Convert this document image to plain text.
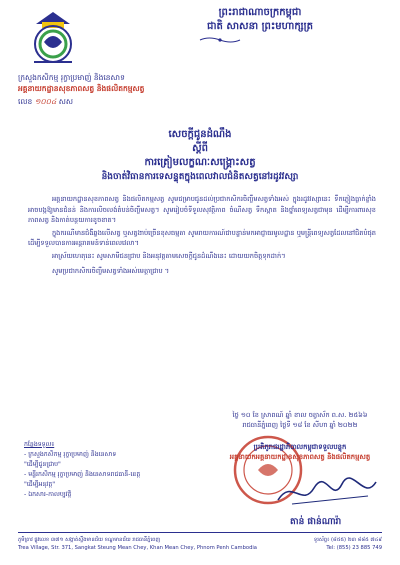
ព្រះរាជាណាចក្រកម្ពុជា
ជាតិ សាសនា ព្រះមហាក្សត្រ
ក្រសួងកសិកម្ម រុក្ខាប្រមាញ់ និងនេសាទ
អគ្គនាយកដ្ឋានសុខភាពសត្វ និងផលិតកម្មសត្វ
លេខ ១០០៤ សស
សេចក្តីជូនដំណឹង
ស្តីពី
ការត្រៀមលក្ខណៈសង្គ្រោះសត្វ
និងចាត់វិធានការទេសន្ទុតក្នុងពេលវាលជំនិតសត្វនៅរដូវវស្សា

អគ្គនាយកដ្ឋានសុខភាពសត្វ និងផលិតកម្មសត្វ សូមជម្រាបជូនដល់ប្រជាកសិករចិញ្ចឹមសត្វទាំងអស់ ក្នុងរដូវវស្សានេះ ទឹកភ្លៀងធ្លាក់ខ្លាំង អាចបង្កឱ្យមានជំនន់ និងការលិចលង់តំបន់ចិញ្ចឹមសត្វ។ សូមរៀបចំទីទួលសុវត្ថិភាព ចំណីសត្វ ទឹកស្អាត និងថ្នាំពេទ្យសត្វជាមុន ដើម្បីការពារសុខភាពសត្វ និងកាត់បន្ថយការខូចខាត។

ក្នុងករណីមានជំងឺឆ្លងលើសត្វ ឬសត្វងាប់ច្រើនខុសធម្មតា សូមរាយការណ៍ជាបន្ទាន់មកអាជ្ញាធរមូលដ្ឋាន ឬមន្ត្រីពេទ្យសត្វដែលនៅជិតបំផុត ដើម្បីទទួលបានការអន្តរាគមន៍ទាន់ពេលវេលា។

អាស្រ័យហេតុនេះ សូមសាមីជនជ្រាប និងអនុវត្តតាមសេចក្តីជូនដំណឹងនេះ ដោយយកចិត្តទុកដាក់។

សូមប្រជាកសិករចិញ្ចឹមសត្វទាំងអស់មេត្តាជ្រាប ។

ថ្ងៃ ១០ ខែ ស្រាពណ៍ ឆ្នាំ ខាល ចត្វាស័ក ព.ស. ២៥៦៦
រាជធានីភ្នំពេញ ថ្ងៃទី ១៨ ខែ សីហា ឆ្នាំ ២០២២
ប្រតិភូរាជរដ្ឋាភិបាលកម្ពុជាទទួលបន្ទុក
អគ្គនាយកអគ្គនាយកដ្ឋានសុខភាពសត្វ និងផលិតកម្មសត្វ
តាន់ ផាន់ណារ៉ា
កន្លែងទទួល៖
- ក្រសួងកសិកម្ម រុក្ខាប្រមាញ់ និងនេសាទ
"ដើម្បីជូនជ្រាប"
- មន្ទីរកសិកម្ម រុក្ខាប្រមាញ់ និងនេសាទរាជធានី-ខេត្ត
"ដើម្បីអនុវត្ត"
- ឯកសារ-កាលប្បវត្តិ
ភូមិត្រាវ ផ្លូវលេខ ៣៧១ សង្កាត់ស្ទឹងមានជ័យ ខណ្ឌមានជ័យ រាជធានីភ្នំពេញ
Trea Village, Str. 371, Sangkat Steung Mean Chey, Khan Mean Chey, Phnom Penh Cambodia
ទូរស័ព្ទ៖ (៨៥៥) ២៣ ៨៨៥ ៧៤៩
Tel: (855) 23 885 749
